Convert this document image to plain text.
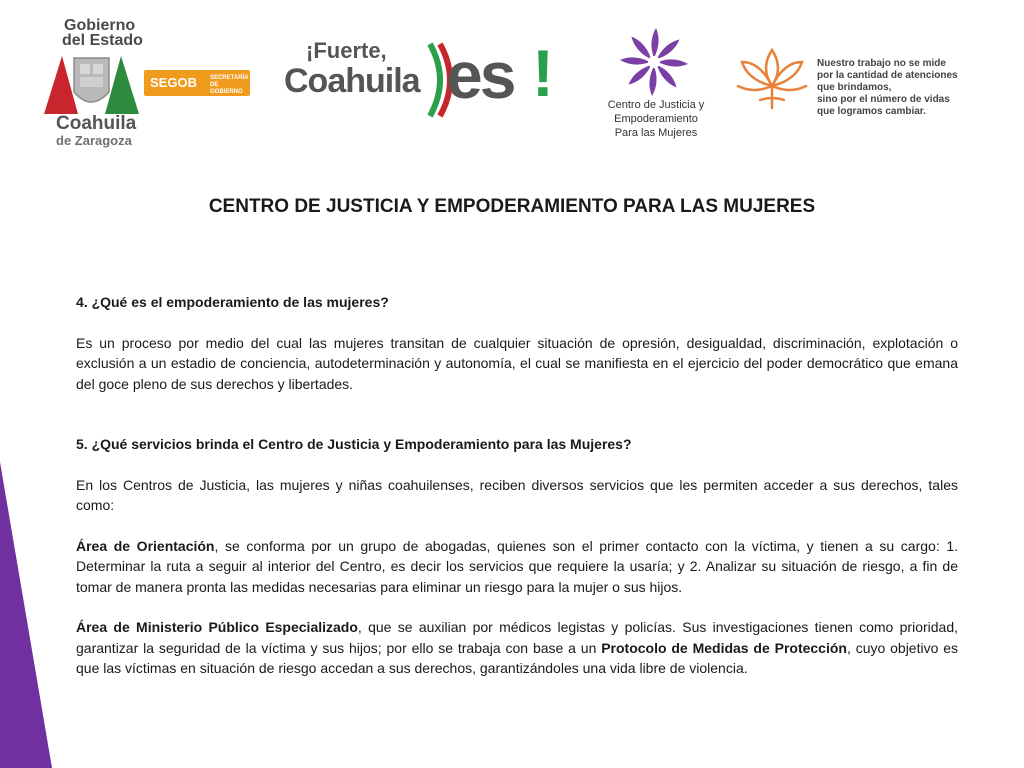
Gobierno
del Estado
Coahuila
de Zaragoza
SEGOB SECRETARÍA DE GOBIERNO
¡Fuerte,
Coahuila es !	Centro de Justicia y
Empoderamiento
Para las Mujeres
Nuestro trabajo no se mide
por la cantidad de atenciones
que brindamos,
sino por el número de vidas
que logramos cambiar.
CENTRO DE JUSTICIA Y EMPODERAMIENTO PARA LAS MUJERES

4. ¿Qué es el empoderamiento de las mujeres?

Es un proceso por medio del cual las mujeres transitan de cualquier situación de opresión, desigualdad, discriminación, explotación o exclusión a un estadio de conciencia, autodeterminación y autonomía, el cual se manifiesta en el ejercicio del poder democrático que emana del goce pleno de sus derechos y libertades.

5. ¿Qué servicios brinda el Centro de Justicia y Empoderamiento para las Mujeres?

En los Centros de Justicia, las mujeres y niñas coahuilenses, reciben diversos servicios que les permiten acceder a sus derechos, tales como:

Área de Orientación, se conforma por un grupo de abogadas, quienes son el primer contacto con la víctima, y tienen a su cargo: 1. Determinar la ruta a seguir al interior del Centro, es decir los servicios que requiere la usaría; y 2. Analizar su situación de riesgo, a fin de tomar de manera pronta las medidas necesarias para eliminar un riesgo para la mujer o sus hijos.

Área de Ministerio Público Especializado, que se auxilian por médicos legistas y policías. Sus investigaciones tienen como prioridad, garantizar la seguridad de la víctima y sus hijos; por ello se trabaja con base a un Protocolo de Medidas de Protección, cuyo objetivo es que las víctimas en situación de riesgo accedan a sus derechos, garantizándoles una vida libre de violencia.
